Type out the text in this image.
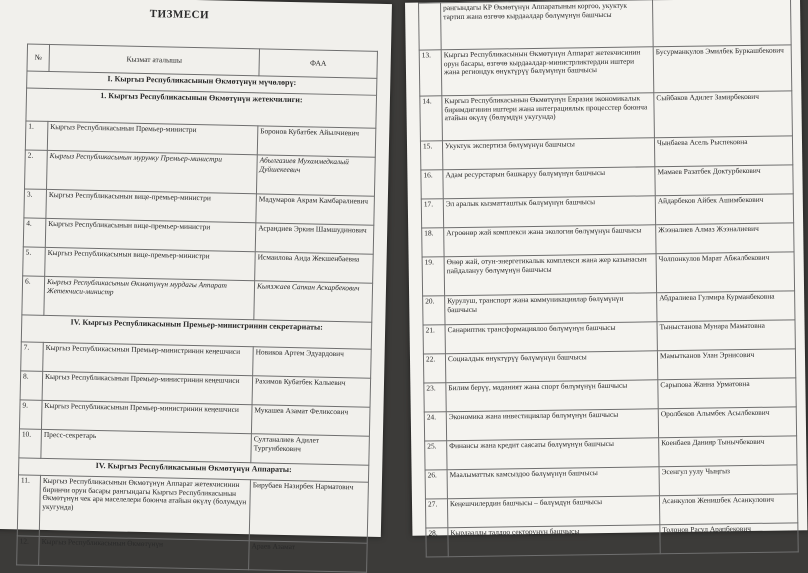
ТИЗМЕСИ
№	Кызмат аталышы	ФАА
I. Кыргыз Республикасынын Өкмөтүнүн мүчөлөрү:		
1. Кыргыз Республикасынын Өкмөтүнүн жетекчилиги:		
1.	Кыргыз Республикасынын Премьер-министри	Боронов Кубатбек Айылчиевич
2.	Кыргыз Республикасынын мурунку Премьер-министри	Абылгазиев Мухаммедкалый Дуйшекеевич
3.	Кыргыз Республикасынын вице-премьер-министри	Мадумаров Акрам Камбаралиевич
4.	Кыргыз Республикасынын вице-премьер-министри	Асрандиев Эркин Шамшудинович
5.	Кыргыз Республикасынын вице-премьер-министри	Исмаилова Аида Жекшенбаевна
6.	Кыргыз Республикасынын Өкмөтүнүн мурдагы Аппарат Жетекчиси-министр	Кыязжаев Сапкан Аскарбекович
IV. Кыргыз Республикасынын Премьер-министринин секретариаты:		
7.	Кыргыз Республикасынын Премьер-министринин кеңешчиси	Новиков Артем Эдуардович
8.	Кыргыз Республикасынын Премьер-министринин кеңешчиси	Рахимов Кубатбек Калыевич
9.	Кыргыз Республикасынын Премьер-министринин кеңешчиси	Мукашев Азамат Феликсович
10.	Пресс-секретарь	Султаналиев Адилет Тургунбекович
IV. Кыргыз Республикасынын Өкмөтүнүн Аппараты:		
11.	Кыргыз Республикасынын Өкмөтүнүн Аппарат жетекчисинин биринчи орун басары рангындагы Кыргыз Республикасынын Өкмөтүнүн чек ара маселелери боюнча атайын өкүлү (болумдун укугунда)	Бирубаев Назирбек Нарматович
12.	Кыргыз Республикасынын Өкмөтүнүн	Араев Азамат
	рангындагы КР Өкмөтүнүн Аппаратынын коргоо, укуктук тартип жана өзгөчө кырдаалдар бөлүмүнүн башчысы	
13.	Кыргыз Республикасынын Өкмөтүнүн Аппарат жетекчисинин орун басары, өзгөчө кырдаалдар-министрликтердин иштери жана региондук өнүктүрүү бөлүмүнүн башчысы	Бусурманкулов Эмилбек Буркашбекович
14.	Кыргыз Республикасынын Өкмөтүнүн Евразия экономикалык биримдигинин иштери жана интеграциялык процесстер боюнча атайын өкүлү (бөлүмдүн укугунда)	Сыйбаков Адилет Замирбекович
15.	Укуктук экспертиза бөлүмүнүн башчысы	Чынбаева Асель Рыспековна
16.	Адам ресурстарын башкаруу бөлүмүнүн башчысы	Мамаев Разатбек Доктурбекович
17.	Эл аралык кызматташтык бөлүмүнүн башчысы	Айдарбеков Айбек Ашимбекович
18.	Агроөнөр жай комплекси жана экология бөлүмүнүн башчысы	Жээналиев Алмаз Жээналиевич
19.	Өнөр жай, отун-энергетикалык комплекси жана жер казынасын пайдалануу бөлүмүнүн башчысы	Чолпонкулов Марат Абжалбекович
20.	Курулуш, транспорт жана коммуникациялар бөлүмүнүн башчысы	Абдралиева Гулмира Курманбековна
21.	Санариптик трансформациялоо бөлүмүнүн башчысы	Тыныстанова Мунара Маматовна
22.	Социалдык өнүктүрүү бөлүмүнүн башчысы	Мамытканов Улан Эрнисович
23.	Билим берүү, маданият жана спорт бөлүмүнүн башчысы	Сарыпова Жанна Урматовна
24.	Экономика жана инвестициялар бөлүмүнүн башчысы	Оролбеков Алымбек Асылбекович
25.	Финансы жана кредит саясаты бөлүмүнүн башчысы	Коенбаев Данияр Тынычбекович
26.	Маалыматтык камсыздоо бөлүмүнүн башчысы	Эсенгул уулу Чыңгыз
27.	Кеңешчилердин башчысы – бөлүмдүн башчысы	Асанкулов Женишбек Асанкулович
28.	Кырдаалды талдоо секторунун башчысы	Толонов Расул Арапбекович
